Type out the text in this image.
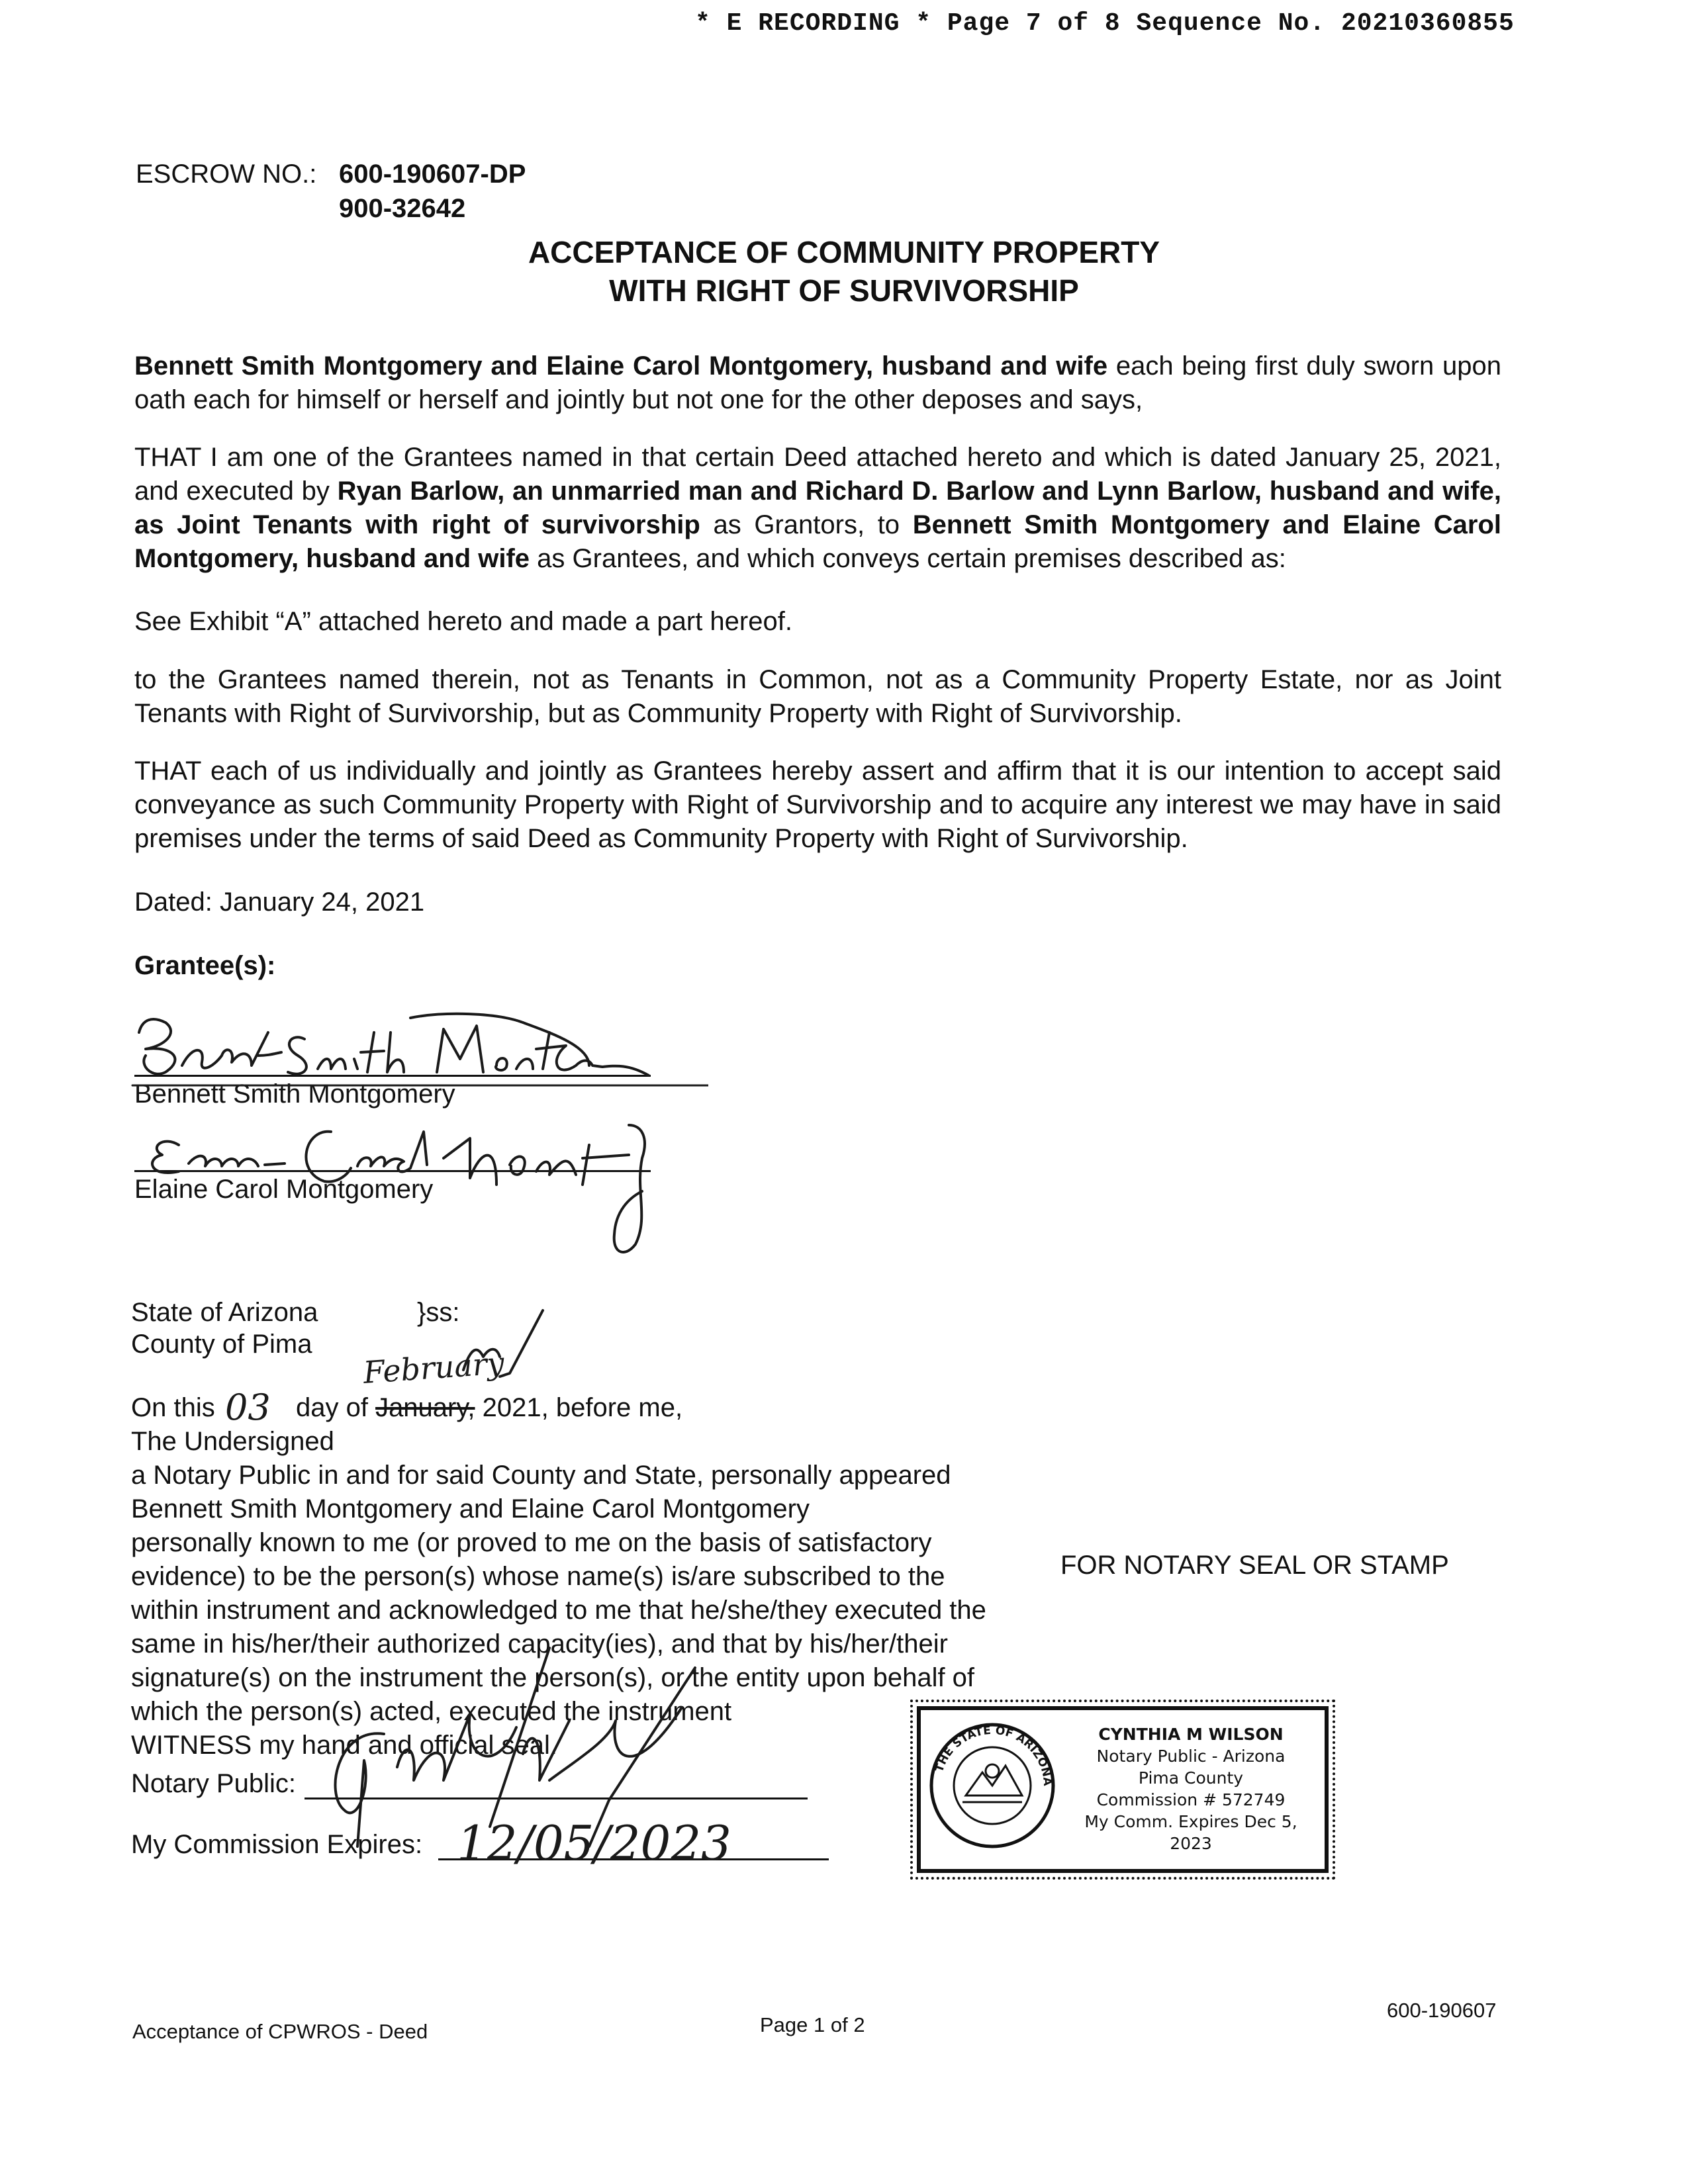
* E RECORDING * Page 7 of 8 Sequence No. 20210360855
ESCROW NO.: 600-190607-DP
900-32642
ACCEPTANCE OF COMMUNITY PROPERTY
WITH RIGHT OF SURVIVORSHIP
Bennett Smith Montgomery and Elaine Carol Montgomery, husband and wife each being first duly sworn upon oath each for himself or herself and jointly but not one for the other deposes and says,
THAT I am one of the Grantees named in that certain Deed attached hereto and which is dated January 25, 2021, and executed by Ryan Barlow, an unmarried man and Richard D. Barlow and Lynn Barlow, husband and wife, as Joint Tenants with right of survivorship as Grantors, to Bennett Smith Montgomery and Elaine Carol Montgomery, husband and wife as Grantees, and which conveys certain premises described as:
See Exhibit “A” attached hereto and made a part hereof.
to the Grantees named therein, not as Tenants in Common, not as a Community Property Estate, nor as Joint Tenants with Right of Survivorship, but as Community Property with Right of Survivorship.
THAT each of us individually and jointly as Grantees hereby assert and affirm that it is our intention to accept said conveyance as such Community Property with Right of Survivorship and to acquire any interest we may have in said premises under the terms of said Deed as Community Property with Right of Survivorship.
Dated: January 24, 2021
Grantee(s):
Bennett Smith Montgomery
Elaine Carol Montgomery
State of Arizona	}ss:
County of Pima
On this	day of January, 2021, before me,
03
February
The Undersigned
a Notary Public in and for said County and State, personally appeared
Bennett Smith Montgomery and Elaine Carol Montgomery
personally known to me (or proved to me on the basis of satisfactory
evidence) to be the person(s) whose name(s) is/are subscribed to the
within instrument and acknowledged to me that he/she/they executed the
same in his/her/their authorized capacity(ies), and that by his/her/their
signature(s) on the instrument the person(s), or the entity upon behalf of
which the person(s) acted, executed the instrument
WITNESS my hand and official seal.
Notary Public:
My Commission Expires: 12/05/2023
FOR NOTARY SEAL OR STAMP
THE STATE OF ARIZONA
CYNTHIA M WILSON
Notary Public - Arizona
Pima County
Commission # 572749
My Comm. Expires Dec 5, 2023
Acceptance of CPWROS - Deed	Page 1 of 2
600-190607
